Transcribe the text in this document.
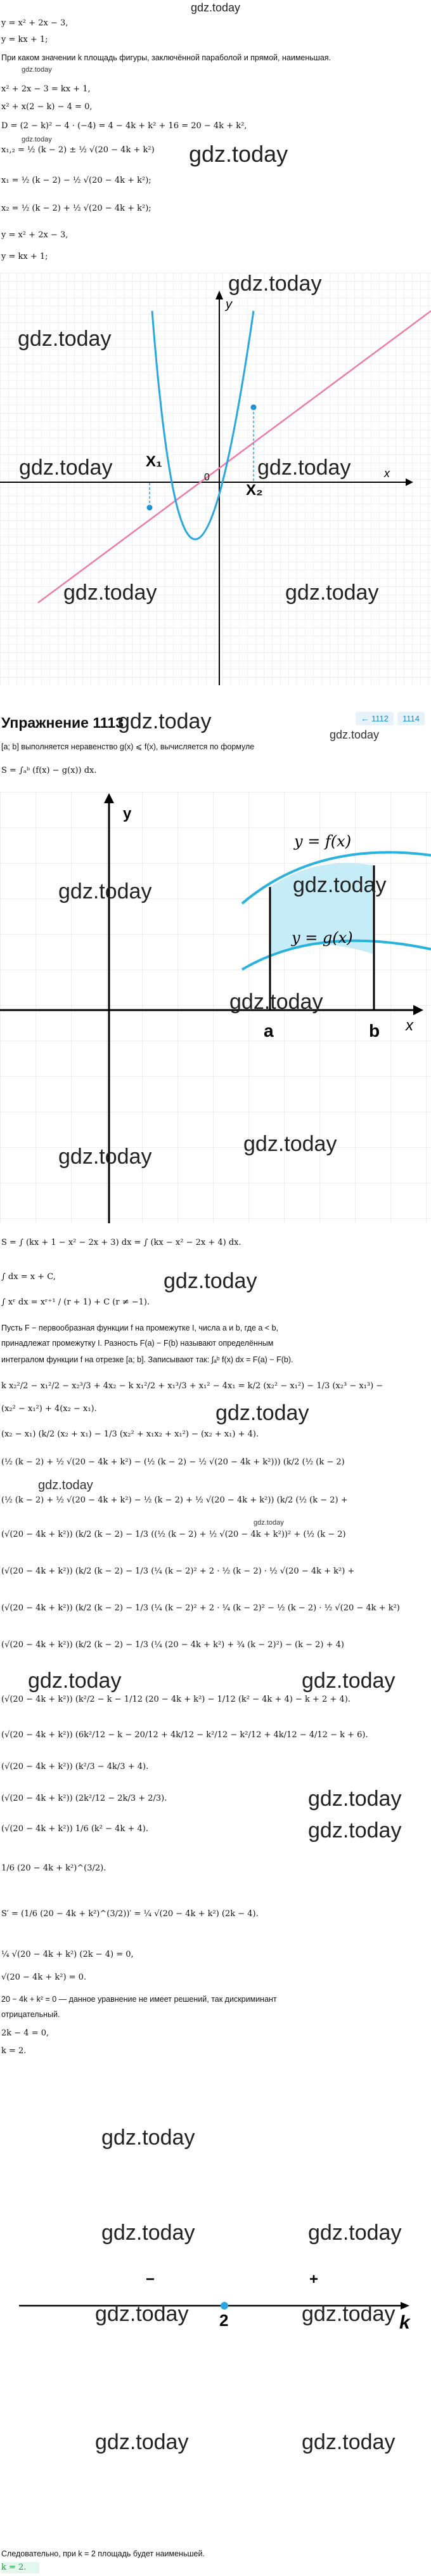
gdz.today
y = x² + 2x − 3,
y = kx + 1;
При каком значении k площадь фигуры, заключённой параболой и прямой, наименьшая.
gdz.today
x² + 2x − 3 = kx + 1,
x² + x(2 − k) − 4 = 0,
D = (2 − k)² − 4 · (−4) = 4 − 4k + k² + 16 = 20 − 4k + k²,
gdz.today
x₁,₂ = ½ (k − 2) ± ½ √(20 − 4k + k²)	gdz.today
x₁ = ½ (k − 2) − ½ √(20 − 4k + k²);
x₂ = ½ (k − 2) + ½ √(20 − 4k + k²);
y = x² + 2x − 3,
y = kx + 1;
y
x
0
X₁
X₂
gdz.today
gdz.today
gdz.today	gdz.today
gdz.today	gdz.today
Упражнение 1113
gdz.today	← 1112	1114
gdz.today
[a; b] выполняется неравенство g(x) ⩽ f(x), вычисляется по формуле
S = ∫ₐᵇ (f(x) − g(x)) dx.
y
x
y = f(x)
y = g(x)
a	b
gdz.today	gdz.today
gdz.today
gdz.today
gdz.today
S = ∫ (kx + 1 − x² − 2x + 3) dx = ∫ (kx − x² − 2x + 4) dx.
gdz.today
∫ dx = x + C,
∫ xʳ dx = xʳ⁺¹ / (r + 1) + C (r ≠ −1).
Пусть F − первообразная функции f на промежутке I, числа a и b, где a < b,
принадлежат промежутку I. Разность F(a) − F(b) называют определённым
интегралом функции f на отрезке [a; b]. Записывают так: ∫ₐᵇ f(x) dx = F(a) − F(b).
k x₂²/2 − x₁²/2 − x₂³/3 + 4x₂ − k x₁²/2 + x₁³/3 + x₁² − 4x₁ = k/2 (x₂² − x₁²) − 1/3 (x₂³ − x₁³) −
(x₂² − x₁²) + 4(x₂ − x₁).	gdz.today
(x₂ − x₁) (k/2 (x₂ + x₁) − 1/3 (x₂² + x₁x₂ + x₁²) − (x₂ + x₁) + 4).
(½ (k − 2) + ½ √(20 − 4k + k²) − (½ (k − 2) − ½ √(20 − 4k + k²))) (k/2 (½ (k − 2)
gdz.today
(½ (k − 2) + ½ √(20 − 4k + k²) − ½ (k − 2) + ½ √(20 − 4k + k²)) (k/2 (½ (k − 2) +
(√(20 − 4k + k²)) (k/2 (k − 2) − 1/3 ((½ (k − 2) + ½ √(20 − 4k + k²))² + (½ (k − 2)
gdz.today
(√(20 − 4k + k²)) (k/2 (k − 2) − 1/3 (¼ (k − 2)² + 2 · ½ (k − 2) · ½ √(20 − 4k + k²) +
(√(20 − 4k + k²)) (k/2 (k − 2) − 1/3 (¼ (k − 2)² + 2 · ¼ (k − 2)² − ½ (k − 2) · ½ √(20 − 4k + k²)
(√(20 − 4k + k²)) (k/2 (k − 2) − 1/3 (¼ (20 − 4k + k²) + ¾ (k − 2)²) − (k − 2) + 4)
gdz.today	gdz.today
(√(20 − 4k + k²)) (k²/2 − k − 1/12 (20 − 4k + k²) − 1/12 (k² − 4k + 4) − k + 2 + 4).
(√(20 − 4k + k²)) (6k²/12 − k − 20/12 + 4k/12 − k²/12 − k²/12 + 4k/12 − 4/12 − k + 6).
(√(20 − 4k + k²)) (k²/3 − 4k/3 + 4).
gdz.today
(√(20 − 4k + k²)) (2k²/12 − 2k/3 + 2/3).
(√(20 − 4k + k²)) 1/6 (k² − 4k + 4).	gdz.today
1/6 (20 − 4k + k²)^(3/2).
S′ = (1/6 (20 − 4k + k²)^(3/2))′ = ¼ √(20 − 4k + k²) (2k − 4).
¼ √(20 − 4k + k²) (2k − 4) = 0,
√(20 − 4k + k²) = 0.
20 − 4k + k² = 0 — данное уравнение не имеет решений, так дискриминант
отрицательный.
2k − 4 = 0,
k = 2.
gdz.today
gdz.today	gdz.today
−	+
2	k
gdz.today	gdz.today
gdz.today	gdz.today
Следовательно, при k = 2 площадь будет наименьшей.
k = 2.
